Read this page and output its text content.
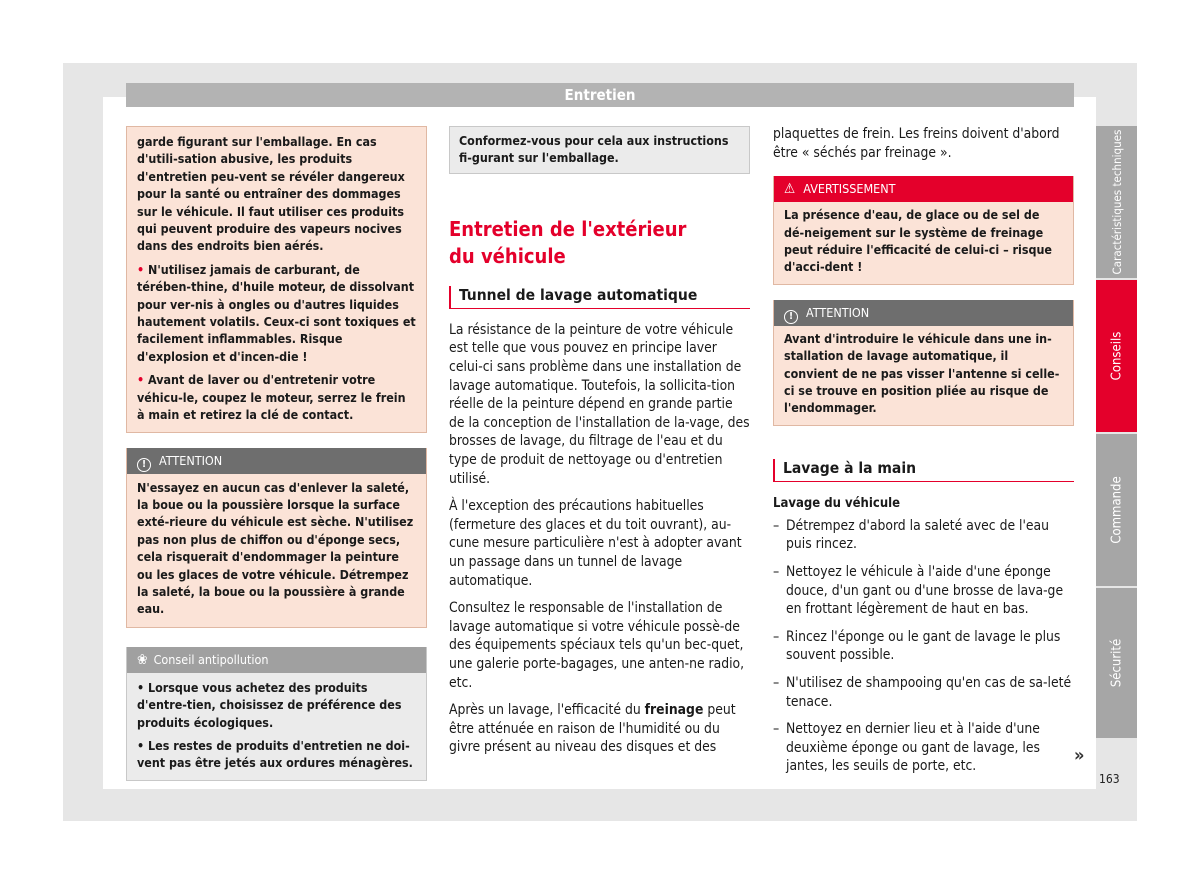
Entretien
Caractéristiques techniques
Conseils
Commande
Sécurité

garde figurant sur l'emballage. En cas d'utili-sation abusive, les produits d'entretien peu-vent se révéler dangereux pour la santé ou entraîner des dommages sur le véhicule. Il faut utiliser ces produits qui peuvent produire des vapeurs nocives dans des endroits bien aérés.

• N'utilisez jamais de carburant, de térében-thine, d'huile moteur, de dissolvant pour ver-nis à ongles ou d'autres liquides hautement volatils. Ceux-ci sont toxiques et facilement inflammables. Risque d'explosion et d'incen-die !

• Avant de laver ou d'entretenir votre véhicu-le, coupez le moteur, serrez le frein à main et retirez la clé de contact.

! ATTENTION

N'essayez en aucun cas d'enlever la saleté, la boue ou la poussière lorsque la surface exté-rieure du véhicule est sèche. N'utilisez pas non plus de chiffon ou d'éponge secs, cela risquerait d'endommager la peinture ou les glaces de votre véhicule. Détrempez la saleté, la boue ou la poussière à grande eau.

❀ Conseil antipollution

• Lorsque vous achetez des produits d'entre-tien, choisissez de préférence des produits écologiques.

• Les restes de produits d'entretien ne doi-vent pas être jetés aux ordures ménagères.

Conformez-vous pour cela aux instructions fi-gurant sur l'emballage.

Entretien de l'extérieur du véhicule
Tunnel de lavage automatique

La résistance de la peinture de votre véhicule est telle que vous pouvez en principe laver celui-ci sans problème dans une installation de lavage automatique. Toutefois, la sollicita-tion réelle de la peinture dépend en grande partie de la conception de l'installation de la-vage, des brosses de lavage, du filtrage de l'eau et du type de produit de nettoyage ou d'entretien utilisé.

À l'exception des précautions habituelles (fermeture des glaces et du toit ouvrant), au-cune mesure particulière n'est à adopter avant un passage dans un tunnel de lavage automatique.

Consultez le responsable de l'installation de lavage automatique si votre véhicule possè-de des équipements spéciaux tels qu'un bec-quet, une galerie porte-bagages, une anten-ne radio, etc.

Après un lavage, l'efficacité du freinage peut être atténuée en raison de l'humidité ou du givre présent au niveau des disques et des

plaquettes de frein. Les freins doivent d'abord être « séchés par freinage ».

⚠ AVERTISSEMENT

La présence d'eau, de glace ou de sel de dé-neigement sur le système de freinage peut réduire l'efficacité de celui-ci – risque d'acci-dent !

! ATTENTION

Avant d'introduire le véhicule dans une in-stallation de lavage automatique, il convient de ne pas visser l'antenne si celle-ci se trouve en position pliée au risque de l'endommager.

Lavage à la main
Lavage du véhicule
– Détrempez d'abord la saleté avec de l'eau puis rincez.
– Nettoyez le véhicule à l'aide d'une éponge douce, d'un gant ou d'une brosse de lava-ge en frottant légèrement de haut en bas.
– Rincez l'éponge ou le gant de lavage le plus souvent possible.
– N'utilisez de shampooing qu'en cas de sa-leté tenace.
– Nettoyez en dernier lieu et à l'aide d'une deuxième éponge ou gant de lavage, les jantes, les seuils de porte, etc.
»
163
